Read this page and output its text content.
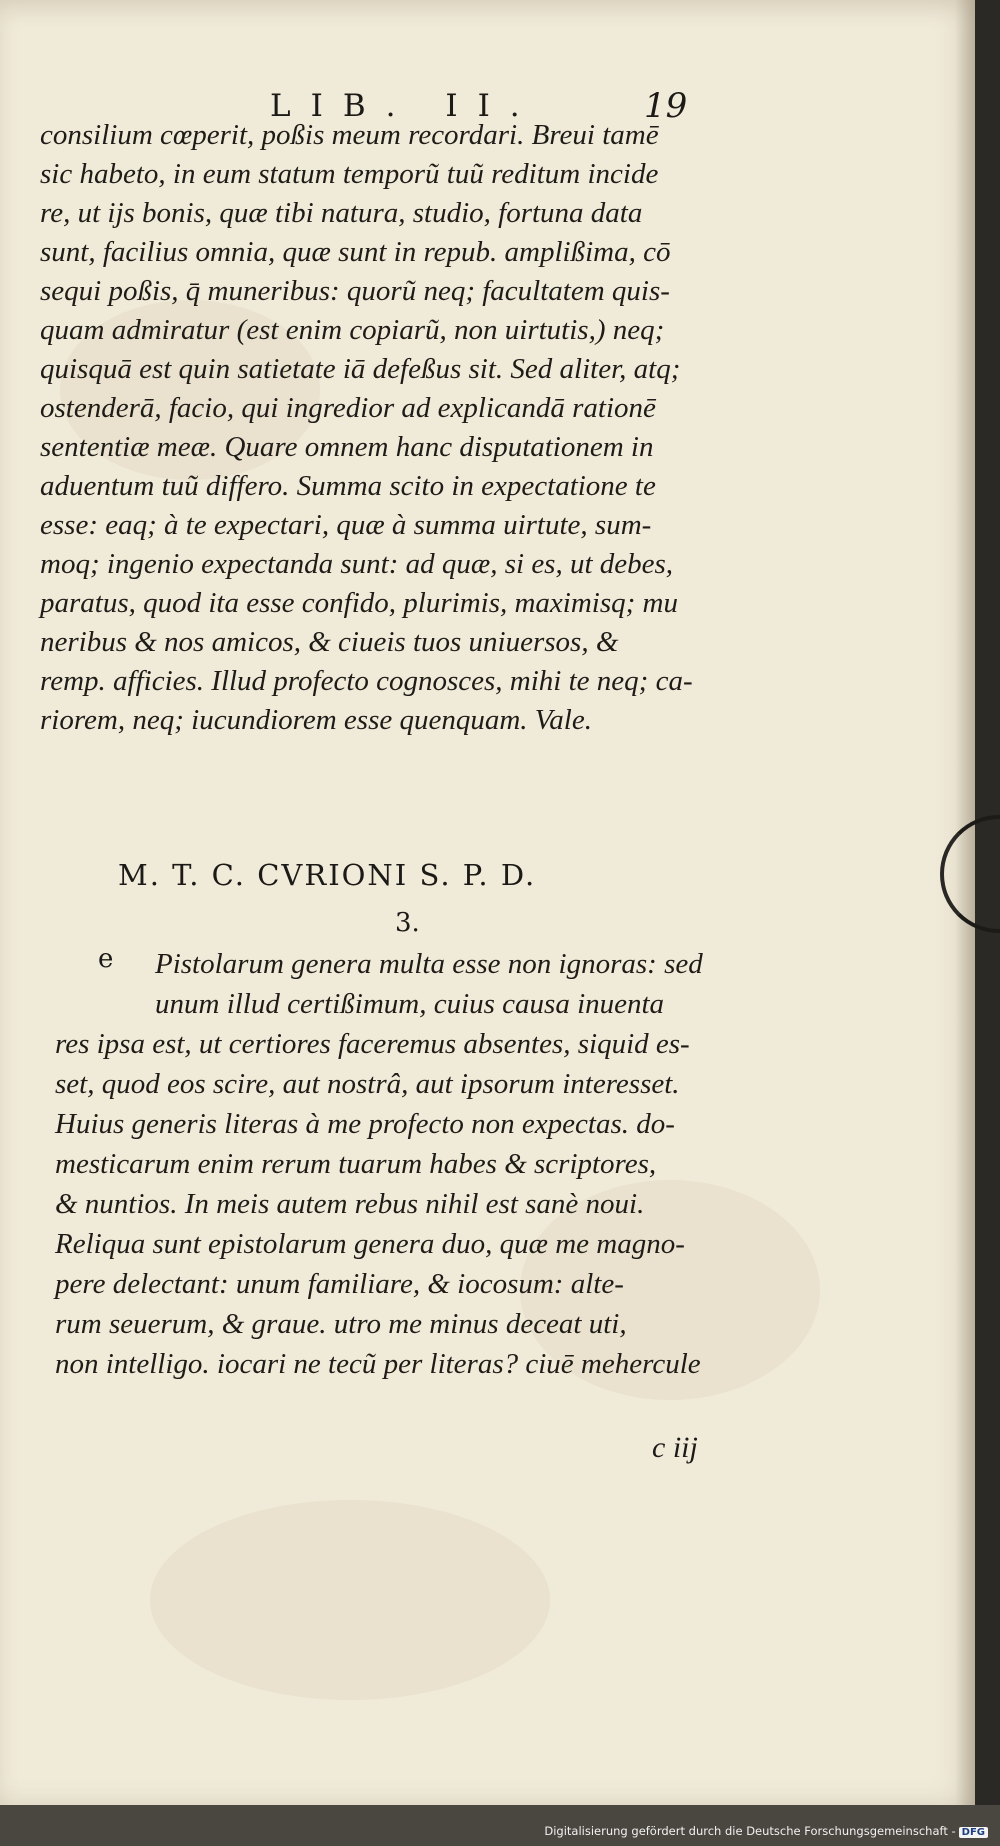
LIB. II.	19
consilium cœperit, poßis meum recordari. Breui tamē
sic habeto, in eum statum temporũ tuũ reditum incide
re, ut ijs bonis, quæ tibi natura, studio, fortuna data
sunt, facilius omnia, quæ sunt in repub. amplißima, cō
sequi poßis, q̄ muneribus: quorũ neq; facultatem quis-
quam admiratur (est enim copiarũ, non uirtutis,) neq;
quisquā est quin satietate iā defeßus sit. Sed aliter, atq;
ostenderā, facio, qui ingredior ad explicandā rationē
sententiæ meæ. Quare omnem hanc disputationem in
aduentum tuũ differo. Summa scito in expectatione te
esse: eaq; à te expectari, quæ à summa uirtute, sum-
moq; ingenio expectanda sunt: ad quæ, si es, ut debes,
paratus, quod ita esse confido, plurimis, maximisq; mu
neribus & nos amicos, & ciueis tuos uniuersos, &
remp. afficies. Illud profecto cognosces, mihi te neq; ca-
riorem, neq; iucundiorem esse quenquam. Vale.
M. T. C. CVRIONI S. P. D.
3.
e Pistolarum genera multa esse non ignoras: sed
unum illud certißimum, cuius causa inuenta
res ipsa est, ut certiores faceremus absentes, siquid es-
set, quod eos scire, aut nostrâ, aut ipsorum interesset.
Huius generis literas à me profecto non expectas. do-
mesticarum enim rerum tuarum habes & scriptores,
& nuntios. In meis autem rebus nihil est sanè noui.
Reliqua sunt epistolarum genera duo, quæ me magno-
pere delectant: unum familiare, & iocosum: alte-
rum seuerum, & graue. utro me minus deceat uti,
non intelligo. iocari ne tecũ per literas? ciuē mehercule
c iij
Digitalisierung gefördert durch die Deutsche Forschungsgemeinschaft - DFG
